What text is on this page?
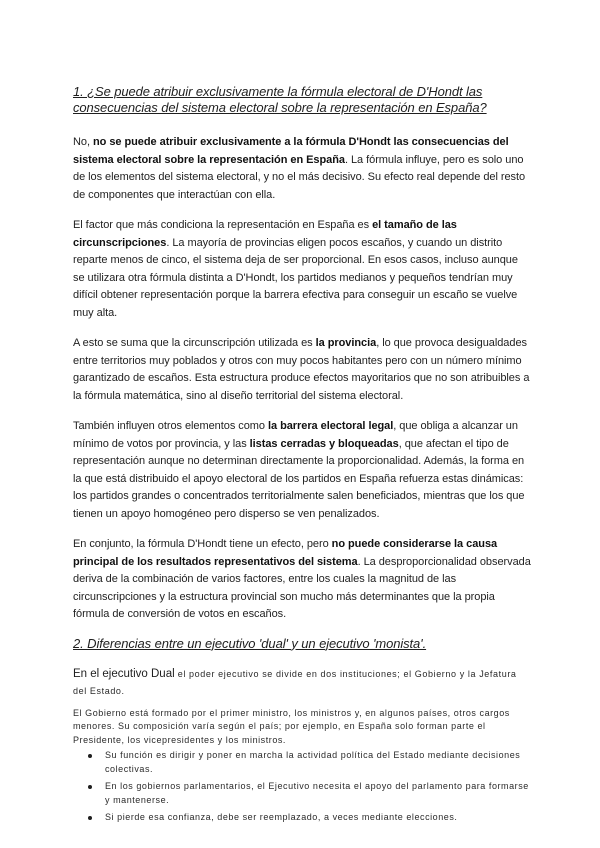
1. ¿Se puede atribuir exclusivamente la fórmula electoral de D'Hondt las consecuencias del sistema electoral sobre la representación en España?

No, no se puede atribuir exclusivamente a la fórmula D'Hondt las consecuencias del sistema electoral sobre la representación en España. La fórmula influye, pero es solo uno de los elementos del sistema electoral, y no el más decisivo. Su efecto real depende del resto de componentes que interactúan con ella.

El factor que más condiciona la representación en España es el tamaño de las circunscripciones. La mayoría de provincias eligen pocos escaños, y cuando un distrito reparte menos de cinco, el sistema deja de ser proporcional. En esos casos, incluso aunque se utilizara otra fórmula distinta a D'Hondt, los partidos medianos y pequeños tendrían muy difícil obtener representación porque la barrera efectiva para conseguir un escaño se vuelve muy alta.

A esto se suma que la circunscripción utilizada es la provincia, lo que provoca desigualdades entre territorios muy poblados y otros con muy pocos habitantes pero con un número mínimo garantizado de escaños. Esta estructura produce efectos mayoritarios que no son atribuibles a la fórmula matemática, sino al diseño territorial del sistema electoral.

También influyen otros elementos como la barrera electoral legal, que obliga a alcanzar un mínimo de votos por provincia, y las listas cerradas y bloqueadas, que afectan el tipo de representación aunque no determinan directamente la proporcionalidad. Además, la forma en la que está distribuido el apoyo electoral de los partidos en España refuerza estas dinámicas: los partidos grandes o concentrados territorialmente salen beneficiados, mientras que los que tienen un apoyo homogéneo pero disperso se ven penalizados.

En conjunto, la fórmula D'Hondt tiene un efecto, pero no puede considerarse la causa principal de los resultados representativos del sistema. La desproporcionalidad observada deriva de la combinación de varios factores, entre los cuales la magnitud de las circunscripciones y la estructura provincial son mucho más determinantes que la propia fórmula de conversión de votos en escaños.

2. Diferencias entre un ejecutivo 'dual' y un ejecutivo 'monista'.

En el ejecutivo Dual el poder ejecutivo se divide en dos instituciones; el Gobierno y la Jefatura del Estado.

El Gobierno está formado por el primer ministro, los ministros y, en algunos países, otros cargos menores. Su composición varía según el país; por ejemplo, en España solo forman parte el Presidente, los vicepresidentes y los ministros.

Su función es dirigir y poner en marcha la actividad política del Estado mediante decisiones colectivas.
En los gobiernos parlamentarios, el Ejecutivo necesita el apoyo del parlamento para formarse y mantenerse.
Si pierde esa confianza, debe ser reemplazado, a veces mediante elecciones.
